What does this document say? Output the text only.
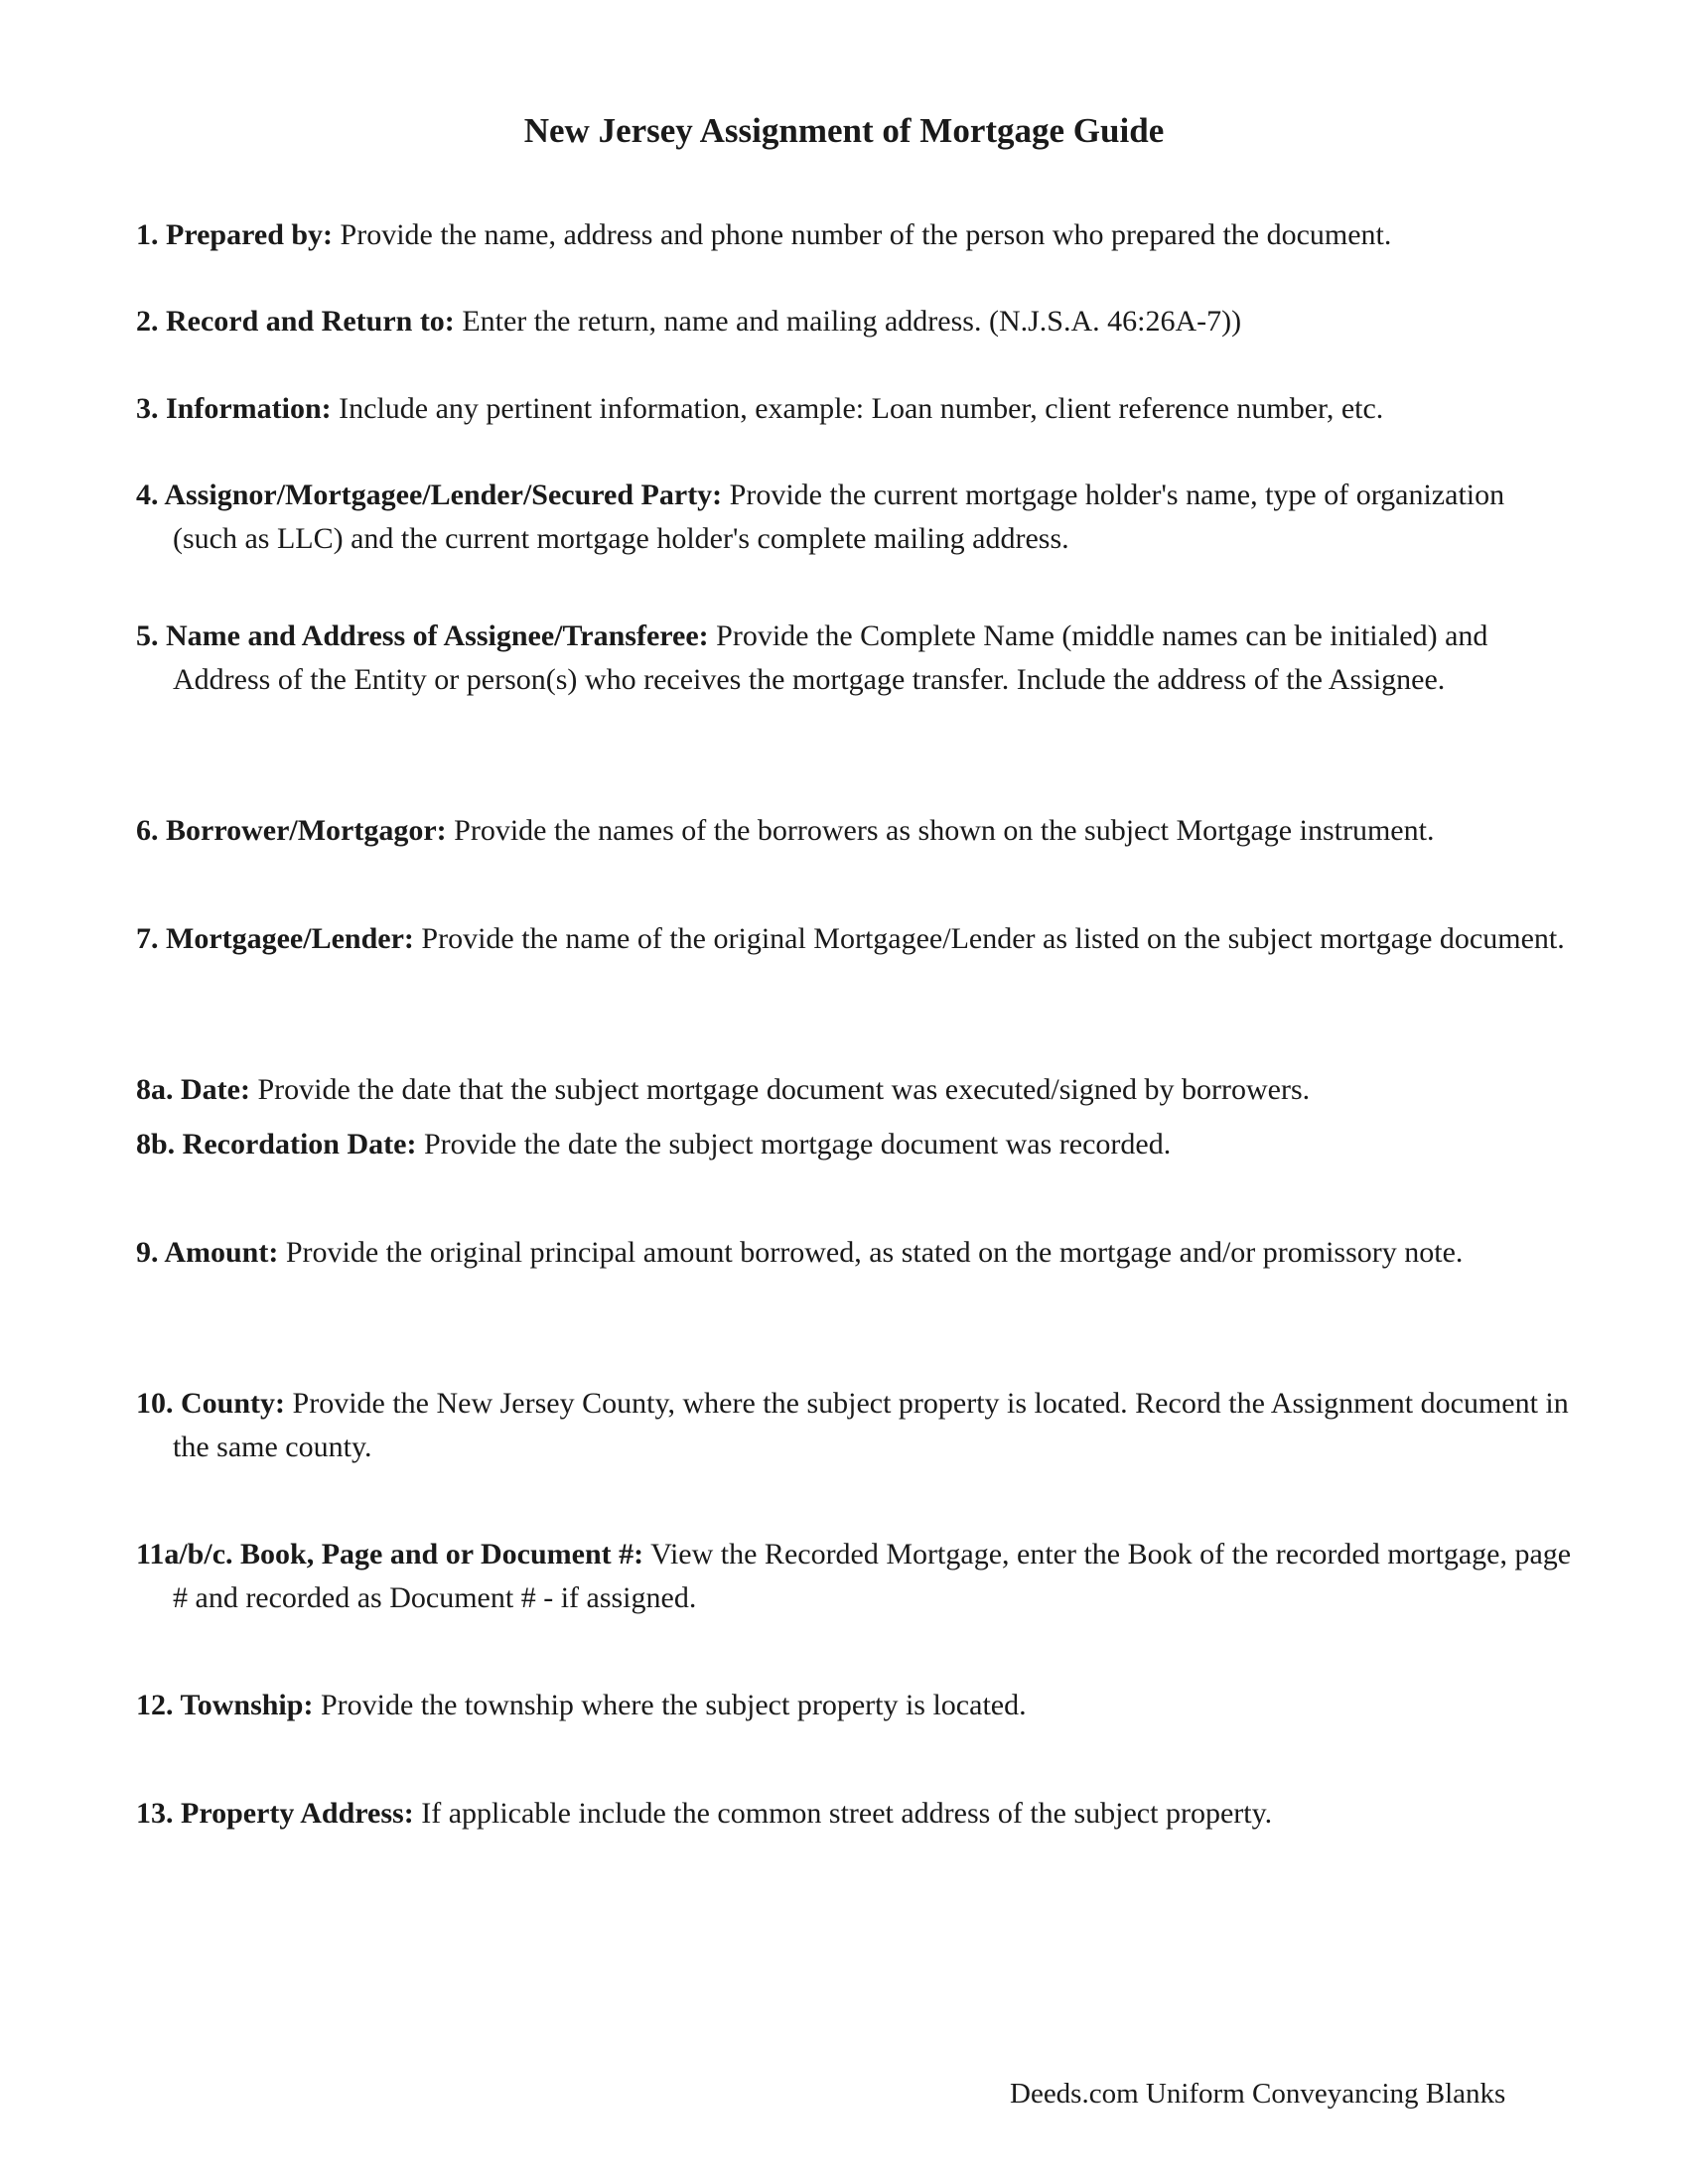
New Jersey Assignment of Mortgage Guide
1. Prepared by: Provide the name, address and phone number of the person who prepared the document.
2. Record and Return to: Enter the return, name and mailing address. (N.J.S.A. 46:26A-7))
3. Information: Include any pertinent information, example: Loan number, client reference number, etc.
4. Assignor/Mortgagee/Lender/Secured Party: Provide the current mortgage holder's name, type of organization (such as LLC) and the current mortgage holder's complete mailing address.
5. Name and Address of Assignee/Transferee: Provide the Complete Name (middle names can be initialed) and Address of the Entity or person(s) who receives the mortgage transfer. Include the address of the Assignee.
6. Borrower/Mortgagor: Provide the names of the borrowers as shown on the subject Mortgage instrument.
7. Mortgagee/Lender: Provide the name of the original Mortgagee/Lender as listed on the subject mortgage document.
8a. Date: Provide the date that the subject mortgage document was executed/signed by borrowers.
8b. Recordation Date: Provide the date the subject mortgage document was recorded.
9. Amount: Provide the original principal amount borrowed, as stated on the mortgage and/or promissory note.
10. County: Provide the New Jersey County, where the subject property is located. Record the Assignment document in the same county.
11a/b/c. Book, Page and or Document #: View the Recorded Mortgage, enter the Book of the recorded mortgage, page # and recorded as Document # - if assigned.
12. Township: Provide the township where the subject property is located.
13. Property Address: If applicable include the common street address of the subject property.
Deeds.com Uniform Conveyancing Blanks
